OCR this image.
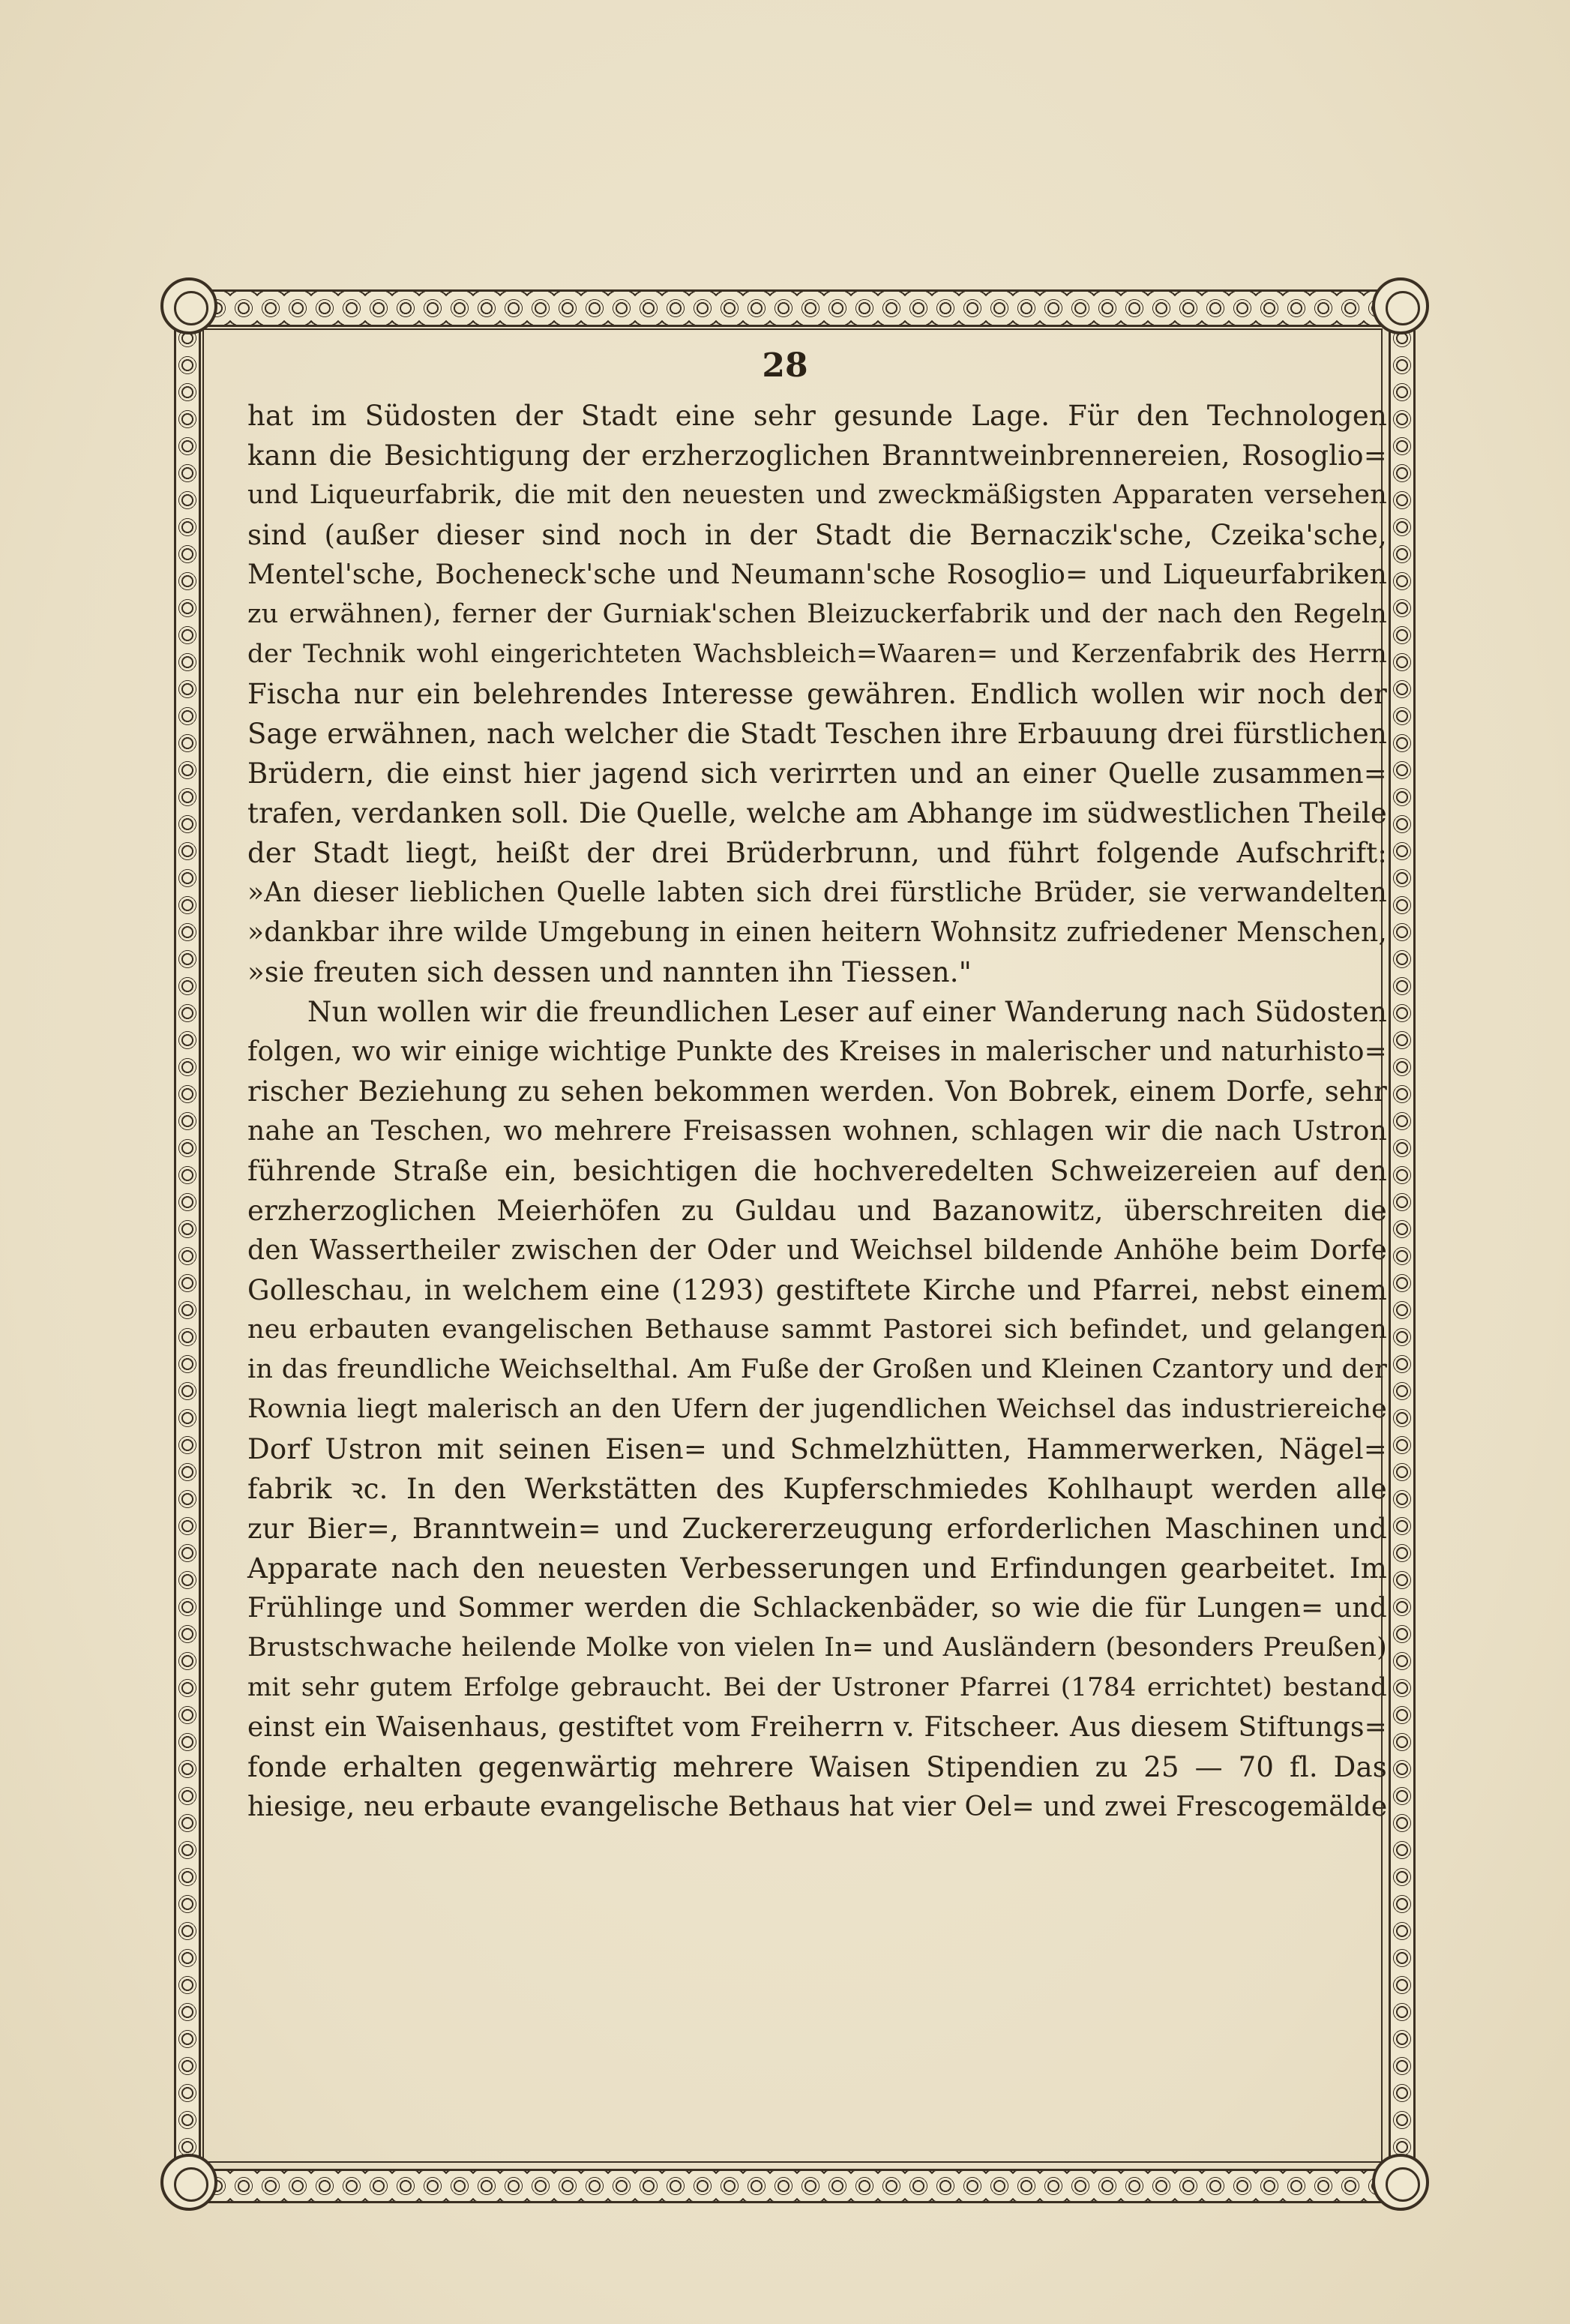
28
hat im Südosten der Stadt eine sehr gesunde Lage. Für den Technologen
kann die Besichtigung der erzherzoglichen Branntweinbrennereien, Rosoglio=
und Liqueurfabrik, die mit den neuesten und zweckmäßigsten Apparaten versehen
sind (außer dieser sind noch in der Stadt die Bernaczik'sche, Czeika'sche,
Mentel'sche, Bocheneck'sche und Neumann'sche Rosoglio= und Liqueurfabriken
zu erwähnen), ferner der Gurniak'schen Bleizuckerfabrik und der nach den Regeln
der Technik wohl eingerichteten Wachsbleich=Waaren= und Kerzenfabrik des Herrn
Fischa nur ein belehrendes Interesse gewähren. Endlich wollen wir noch der
Sage erwähnen, nach welcher die Stadt Teschen ihre Erbauung drei fürstlichen
Brüdern, die einst hier jagend sich verirrten und an einer Quelle zusammen=
trafen, verdanken soll. Die Quelle, welche am Abhange im südwestlichen Theile
der Stadt liegt, heißt der drei Brüderbrunn, und führt folgende Aufschrift:
»An dieser lieblichen Quelle labten sich drei fürstliche Brüder, sie verwandelten
»dankbar ihre wilde Umgebung in einen heitern Wohnsitz zufriedener Menschen,
»sie freuten sich dessen und nannten ihn Tiessen."
Nun wollen wir die freundlichen Leser auf einer Wanderung nach Südosten
folgen, wo wir einige wichtige Punkte des Kreises in malerischer und naturhisto=
rischer Beziehung zu sehen bekommen werden. Von Bobrek, einem Dorfe, sehr
nahe an Teschen, wo mehrere Freisassen wohnen, schlagen wir die nach Ustron
führende Straße ein, besichtigen die hochveredelten Schweizereien auf den
erzherzoglichen Meierhöfen zu Guldau und Bazanowitz, überschreiten die
den Wassertheiler zwischen der Oder und Weichsel bildende Anhöhe beim Dorfe
Golleschau, in welchem eine (1293) gestiftete Kirche und Pfarrei, nebst einem
neu erbauten evangelischen Bethause sammt Pastorei sich befindet, und gelangen
in das freundliche Weichselthal. Am Fuße der Großen und Kleinen Czantory und der
Rownia liegt malerisch an den Ufern der jugendlichen Weichsel das industriereiche
Dorf Ustron mit seinen Eisen= und Schmelzhütten, Hammerwerken, Nägel=
fabrik ꝛc. In den Werkstätten des Kupferschmiedes Kohlhaupt werden alle
zur Bier=, Branntwein= und Zuckererzeugung erforderlichen Maschinen und
Apparate nach den neuesten Verbesserungen und Erfindungen gearbeitet. Im
Frühlinge und Sommer werden die Schlackenbäder, so wie die für Lungen= und
Brustschwache heilende Molke von vielen In= und Ausländern (besonders Preußen)
mit sehr gutem Erfolge gebraucht. Bei der Ustroner Pfarrei (1784 errichtet) bestand
einst ein Waisenhaus, gestiftet vom Freiherrn v. Fitscheer. Aus diesem Stiftungs=
fonde erhalten gegenwärtig mehrere Waisen Stipendien zu 25 — 70 fl. Das
hiesige, neu erbaute evangelische Bethaus hat vier Oel= und zwei Frescogemälde
